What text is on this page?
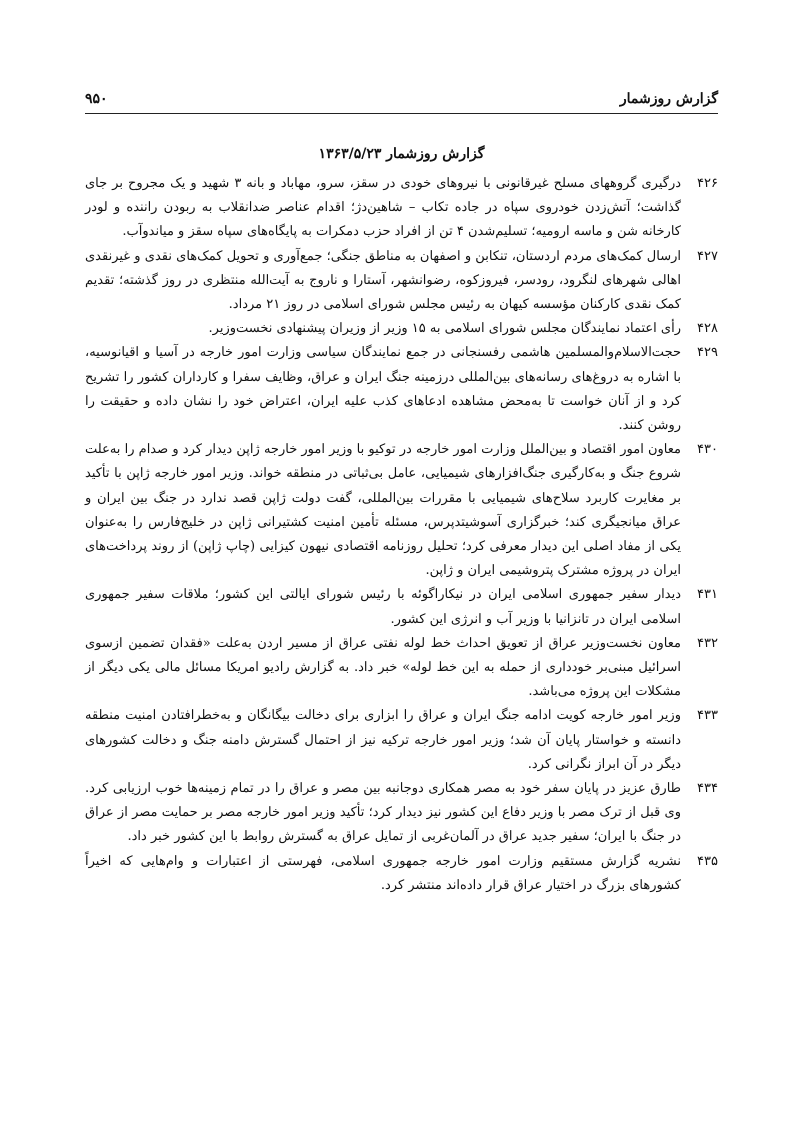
گزارش روزشمار
۹۵۰
گزارش روزشمار ۱۳۶۳/۵/۲۳
۴۲۶
درگیری گروههای مسلح غیرقانونی با نیروهای خودی در سقز، سرو، مهاباد و بانه ۳ شهید و یک مجروح بر جای گذاشت؛ آتش‌زدن خودروی سپاه در جاده تکاب – شاهین‌دژ؛ اقدام عناصر ضدانقلاب به ربودن راننده و لودر کارخانه شن و ماسه ارومیه؛ تسلیم‌شدن ۴ تن از افراد حزب دمکرات به پایگاه‌های سپاه سقز و میاندوآب.
۴۲۷
ارسال کمک‌های مردم اردستان، تنکابن و اصفهان به مناطق جنگی؛ جمع‌آوری و تحویل کمک‌های نقدی و غیرنقدی اهالی شهرهای لنگرود، رودسر، فیروزکوه، رضوانشهر، آستارا و ناروج به آیت‌الله منتظری در روز گذشته؛ تقدیم کمک نقدی کارکنان مؤسسه کیهان به رئیس مجلس شورای اسلامی در روز ۲۱ مرداد.
۴۲۸
رأی اعتماد نمایندگان مجلس شورای اسلامی به ۱۵ وزیر از وزیران پیشنهادی نخست‌وزیر.
۴۲۹
حجت‌الاسلام‌والمسلمین هاشمی رفسنجانی در جمع نمایندگان سیاسی وزارت امور خارجه در آسیا و اقیانوسیه، با اشاره به دروغ‌های رسانه‌های بین‌المللی درزمینه جنگ ایران و عراق، وظایف سفرا و کارداران کشور را تشریح کرد و از آنان خواست تا به‌محض مشاهده ادعاهای کذب علیه ایران، اعتراض خود را نشان داده و حقیقت را روشن کنند.
۴۳۰
معاون امور اقتصاد و بین‌الملل وزارت امور خارجه در توکیو با وزیر امور خارجه ژاپن دیدار کرد و صدام را به‌علت شروع جنگ و به‌کارگیری جنگ‌افزارهای شیمیایی، عامل بی‌ثباتی در منطقه خواند. وزیر امور خارجه ژاپن با تأکید بر مغایرت کاربرد سلاح‌های شیمیایی با مقررات بین‌المللی، گفت دولت ژاپن قصد ندارد در جنگ بین ایران و عراق میانجیگری کند؛ خبرگزاری آسوشیتدپرس، مسئله تأمین امنیت کشتیرانی ژاپن در خلیج‌فارس را به‌عنوان یکی از مفاد اصلی این دیدار معرفی کرد؛ تحلیل روزنامه اقتصادی نیهون کیزایی (چاپ ژاپن) از روند پرداخت‌های ایران در پروژه مشترک پتروشیمی ایران و ژاپن.
۴۳۱
دیدار سفیر جمهوری اسلامی ایران در نیکاراگوئه با رئیس شورای ایالتی این کشور؛ ملاقات سفیر جمهوری اسلامی ایران در تانزانیا با وزیر آب و انرژی این کشور.
۴۳۲
معاون نخست‌وزیر عراق از تعویق احداث خط لوله نفتی عراق از مسیر اردن به‌علت «فقدان تضمین ازسوی اسرائیل مبنی‌بر خودداری از حمله به این خط لوله» خبر داد. به گزارش رادیو امریکا مسائل مالی یکی دیگر از مشکلات این پروژه می‌باشد.
۴۳۳
وزیر امور خارجه کویت ادامه جنگ ایران و عراق را ابزاری برای دخالت بیگانگان و به‌خطرافتادن امنیت منطقه دانسته و خواستار پایان آن شد؛ وزیر امور خارجه ترکیه نیز از احتمال گسترش دامنه جنگ و دخالت کشورهای دیگر در آن ابراز نگرانی کرد.
۴۳۴
طارق عزیز در پایان سفر خود به مصر همکاری دوجانبه بین مصر و عراق را در تمام زمینه‌ها خوب ارزیابی کرد. وی قبل از ترک مصر با وزیر دفاع این کشور نیز دیدار کرد؛ تأکید وزیر امور خارجه مصر بر حمایت مصر از عراق در جنگ با ایران؛ سفیر جدید عراق در آلمان‌غربی از تمایل عراق به گسترش روابط با این کشور خبر داد.
۴۳۵
نشریه گزارش مستقیم وزارت امور خارجه جمهوری اسلامی، فهرستی از اعتبارات و وام‌هایی که اخیراً کشورهای بزرگ در اختیار عراق قرار داده‌اند منتشر کرد.
